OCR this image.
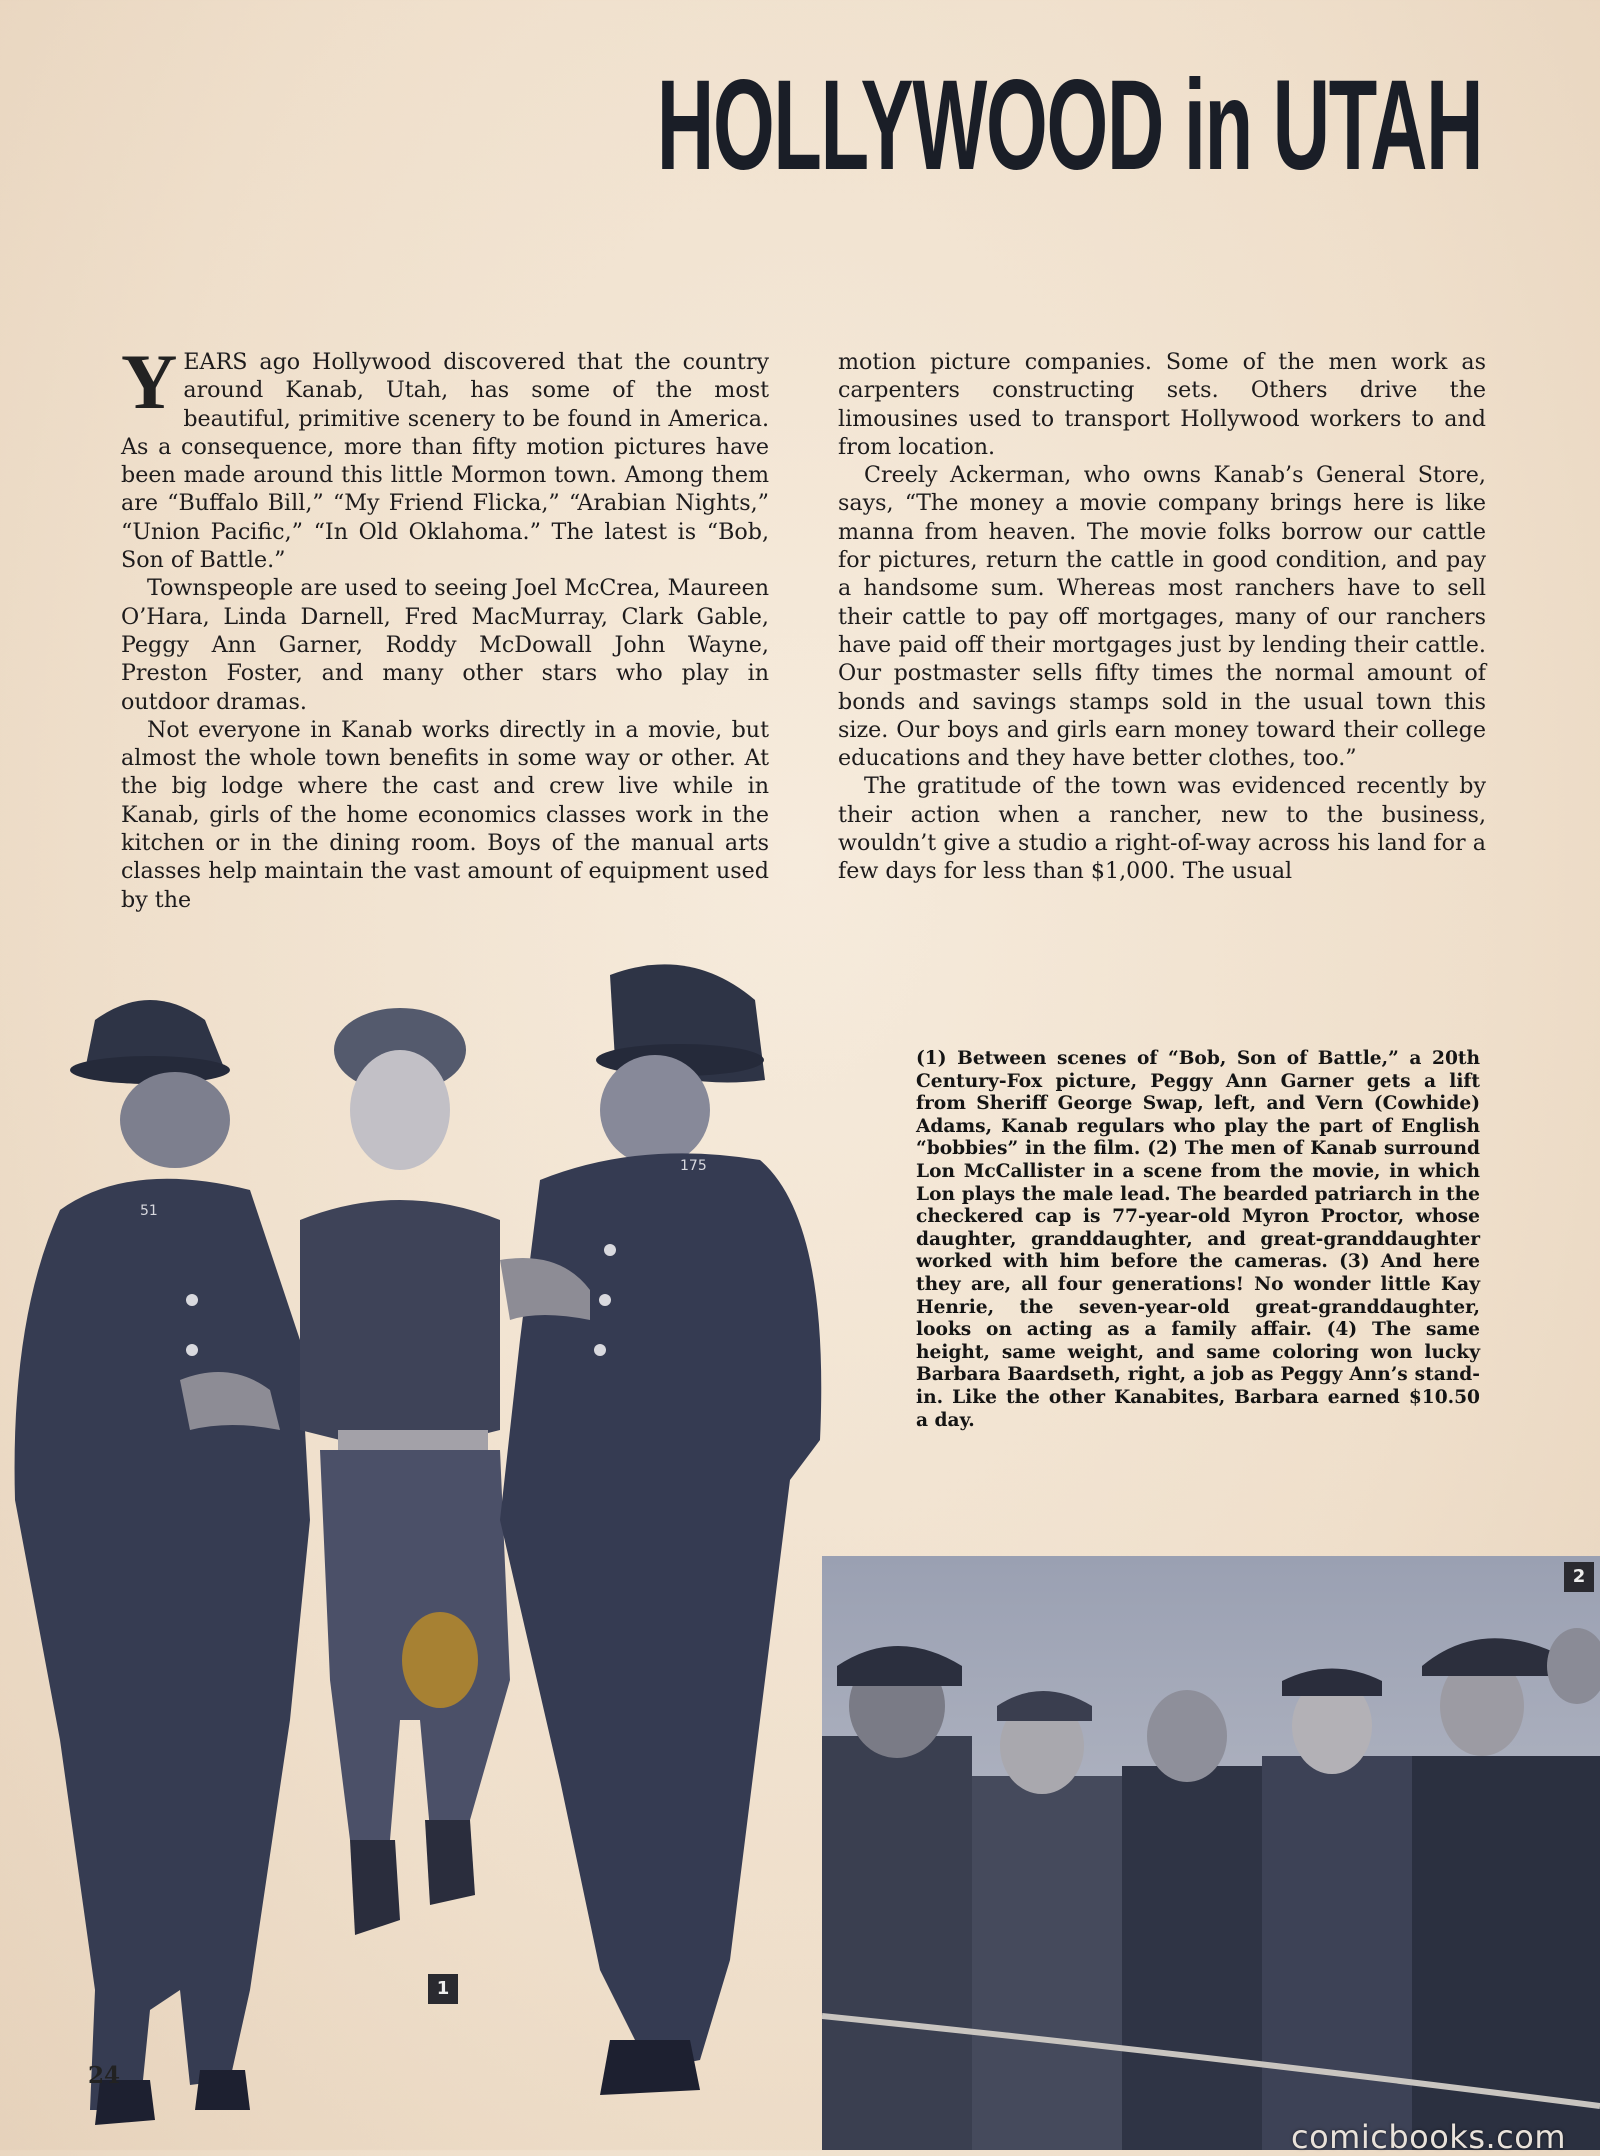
HOLLYWOOD in UTAH

YEARS ago Hollywood discovered that the country around Kanab, Utah, has some of the most beautiful, primitive scenery to be found in America. As a consequence, more than fifty motion pictures have been made around this little Mormon town. Among them are “Buffalo Bill,” “My Friend Flicka,” “Arabian Nights,” “Union Pacific,” “In Old Oklahoma.” The latest is “Bob, Son of Battle.”

Townspeople are used to seeing Joel McCrea, Maureen O’Hara, Linda Darnell, Fred MacMurray, Clark Gable, Peggy Ann Garner, Roddy McDowall John Wayne, Preston Foster, and many other stars who play in outdoor dramas.

Not everyone in Kanab works directly in a movie, but almost the whole town benefits in some way or other. At the big lodge where the cast and crew live while in Kanab, girls of the home economics classes work in the kitchen or in the dining room. Boys of the manual arts classes help maintain the vast amount of equipment used by the

motion picture companies. Some of the men work as carpenters constructing sets. Others drive the limousines used to transport Hollywood workers to and from location.

Creely Ackerman, who owns Kanab’s General Store, says, “The money a movie company brings here is like manna from heaven. The movie folks borrow our cattle for pictures, return the cattle in good condition, and pay a handsome sum. Whereas most ranchers have to sell their cattle to pay off mortgages, many of our ranchers have paid off their mortgages just by lending their cattle. Our postmaster sells fifty times the normal amount of bonds and savings stamps sold in the usual town this size. Our boys and girls earn money toward their college educations and they have better clothes, too.”

The gratitude of the town was evidenced recently by their action when a rancher, new to the business, wouldn’t give a studio a right-of-way across his land for a few days for less than $1,000. The usual

(1) Between scenes of “Bob, Son of Battle,” a 20th Century-Fox picture, Peggy Ann Garner gets a lift from Sheriff George Swap, left, and Vern (Cowhide) Adams, Kanab regulars who play the part of English “bobbies” in the film. (2) The men of Kanab surround Lon McCallister in a scene from the movie, in which Lon plays the male lead. The bearded patriarch in the checkered cap is 77-year-old Myron Proctor, whose daughter, granddaughter, and great-granddaughter worked with him before the cameras. (3) And here they are, all four generations! No wonder little Kay Henrie, the seven-year-old great-granddaughter, looks on acting as a family affair. (4) The same height, same weight, and same coloring won lucky Barbara Baardseth, right, a job as Peggy Ann’s stand-in. Like the other Kanabites, Barbara earned $10.50 a day.
51
175
1
2
24
comicbooks.com
